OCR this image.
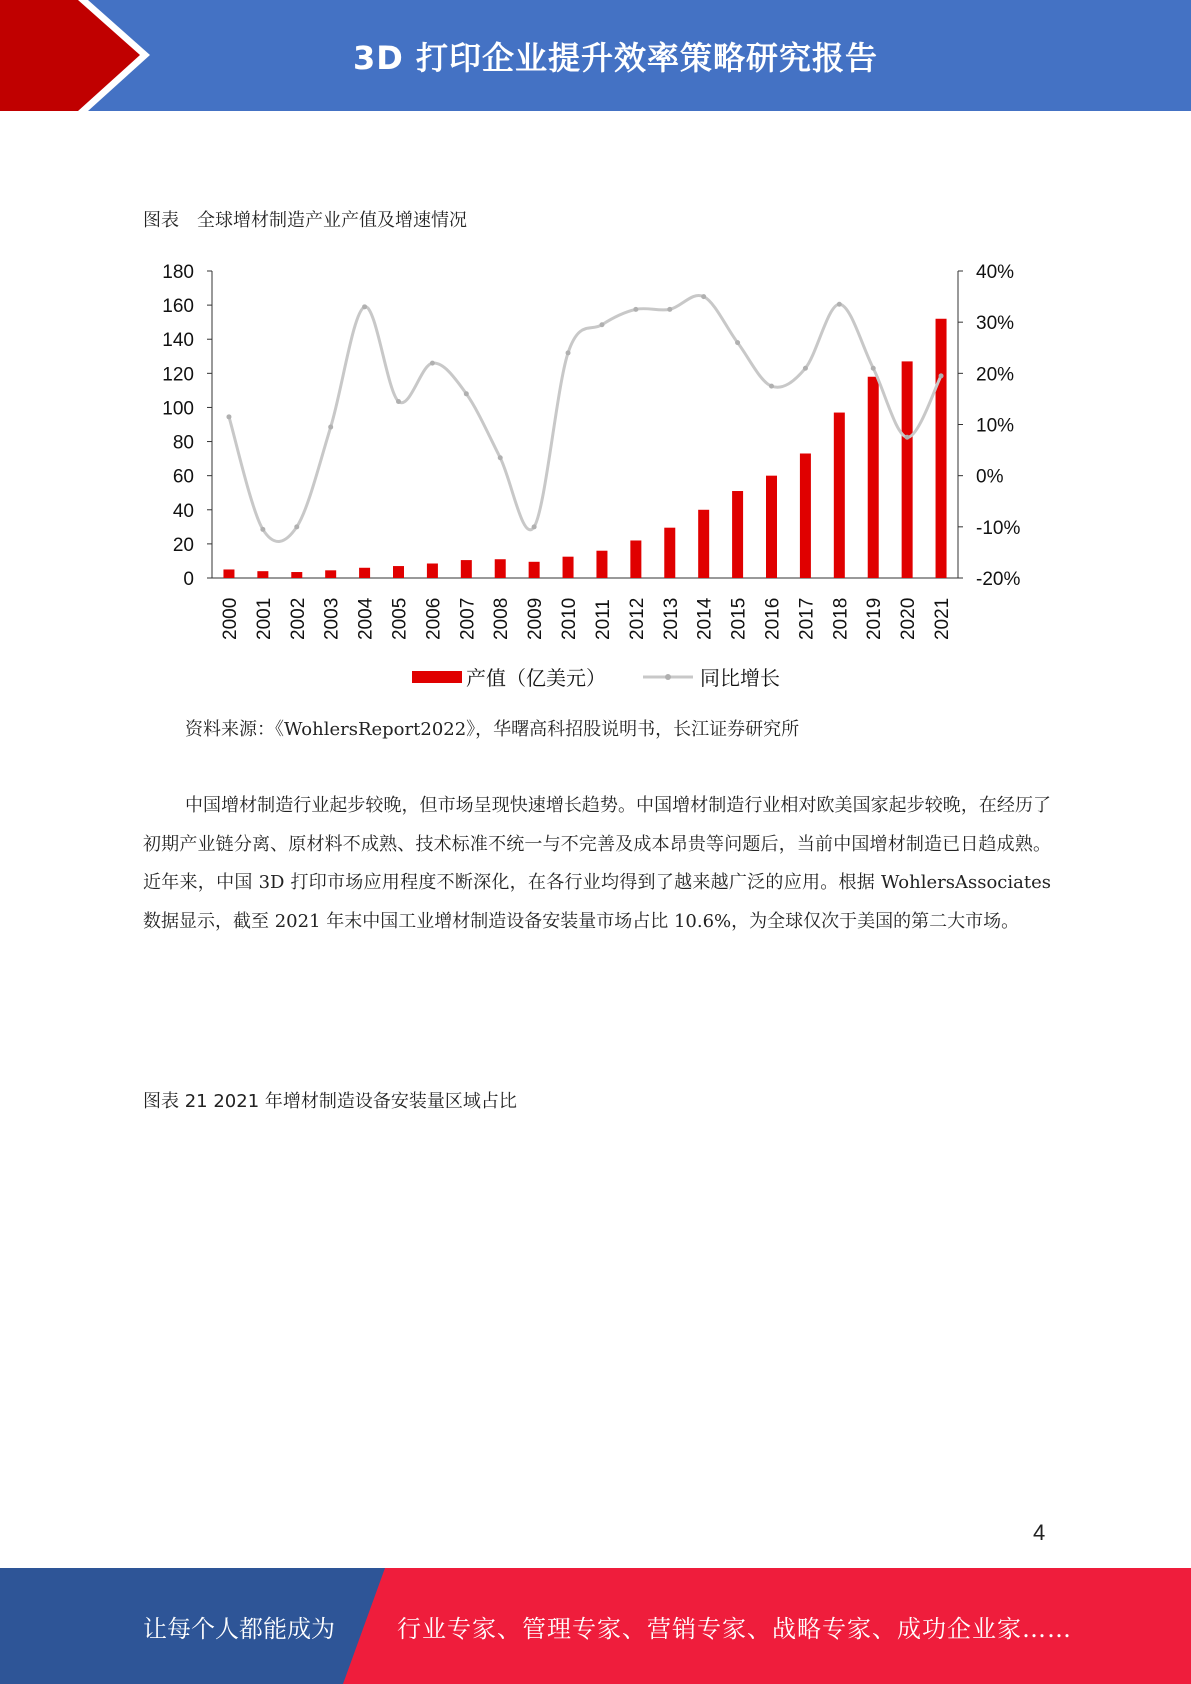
3D 打印企业提升效率策略研究报告
图表　全球增材制造产业产值及增速情况
0
20
40
60
80
100
120
140
160
180
-20%
-10%
0%
10%
20%
30%
40%
2000 2001 2002 2003 2004 2005 2006 2007 2008 2009 2010 2011 2012 2013 2014 2015 2016 2017 2018 2019 2020 2021
产值（亿美元）	同比增长
资料来源：《WohlersReport2022》，华曙高科招股说明书，长江证券研究所

中国增材制造行业起步较晚，但市场呈现快速增长趋势。中国增材制造行业相对欧美国家起步较晚，在经历了初期产业链分离、原材料不成熟、技术标准不统一与不完善及成本昂贵等问题后，当前中国增材制造已日趋成熟。近年来，中国 3D 打印市场应用程度不断深化，在各行业均得到了越来越广泛的应用。根据 WohlersAssociates 数据显示，截至 2021 年末中国工业增材制造设备安装量市场占比 10.6%，为全球仅次于美国的第二大市场。

图表 21 2021 年增材制造设备安装量区域占比
4
让每个人都能成为	行业专家、管理专家、营销专家、战略专家、成功企业家……
